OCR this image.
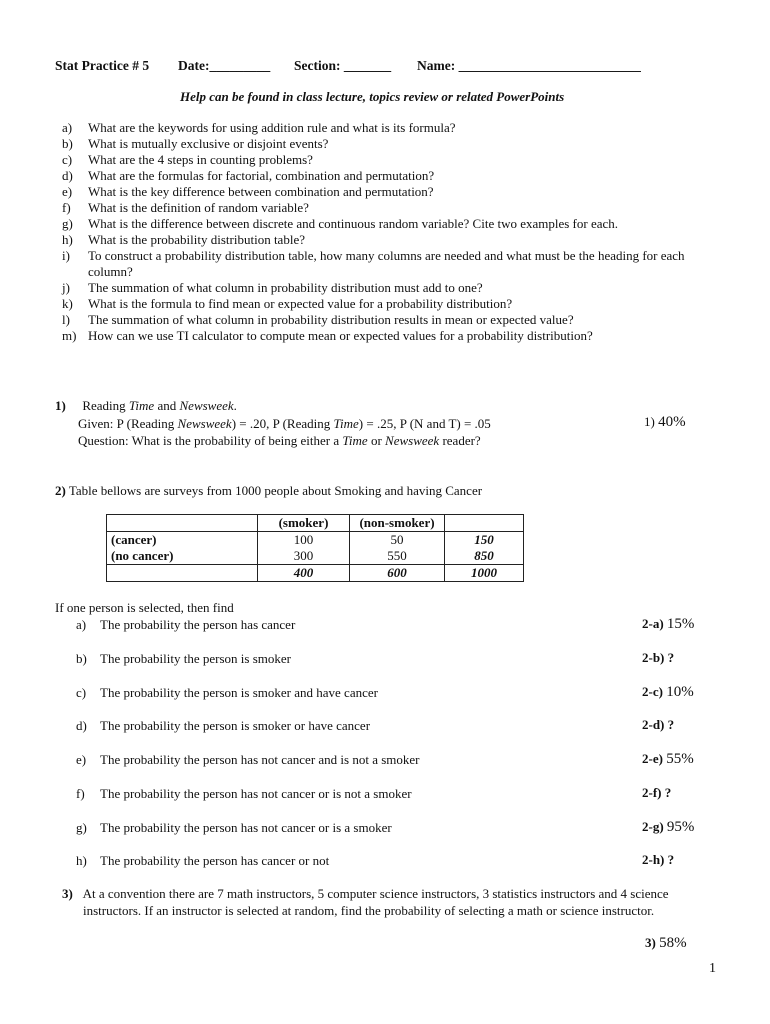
Stat Practice # 5 Date:_________ Section: _______ Name: ___________________________
Help can be found in class lecture, topics review or related PowerPoints
a)	What are the keywords for using addition rule and what is its formula?
b)	What is mutually exclusive or disjoint events?
c)	What are the 4 steps in counting problems?
d)	What are the formulas for factorial, combination and permutation?
e)	What is the key difference between combination and permutation?
f)	What is the definition of random variable?
g)	What is the difference between discrete and continuous random variable? Cite two examples for each.
h)	What is the probability distribution table?
i)	To construct a probability distribution table, how many columns are needed and what must be the heading for each column?
j)	The summation of what column in probability distribution must add to one?
k)	What is the formula to find mean or expected value for a probability distribution?
l)	The summation of what column in probability distribution results in mean or expected value?
m) How can we use TI calculator to compute mean or expected values for a probability distribution?
1) Reading Time and Newsweek.
Given: P (Reading Newsweek) = .20, P (Reading Time) = .25, P (N and T) = .05
Question: What is the probability of being either a Time or Newsweek reader?
1) 40%
2) Table bellows are surveys from 1000 people about Smoking and having Cancer
	(smoker)	(non-smoker)	
(cancer)	100	50	150
(no cancer)	300	550	850
	400	600	1000
If one person is selected, then find
a) The probability the person has cancer	2-a) 15%
b) The probability the person is smoker	2-b) ?
c) The probability the person is smoker and have cancer	2-c) 10%
d) The probability the person is smoker or have cancer	2-d) ?
e) The probability the person has not cancer and is not a smoker	2-e) 55%
f) The probability the person has not cancer or is not a smoker	2-f) ?
g) The probability the person has not cancer or is a smoker	2-g) 95%
h) The probability the person has cancer or not	2-h) ?
3) At a convention there are 7 math instructors, 5 computer science instructors, 3 statistics instructors and 4 science
instructors. If an instructor is selected at random, find the probability of selecting a math or science instructor.
3) 58%
1
